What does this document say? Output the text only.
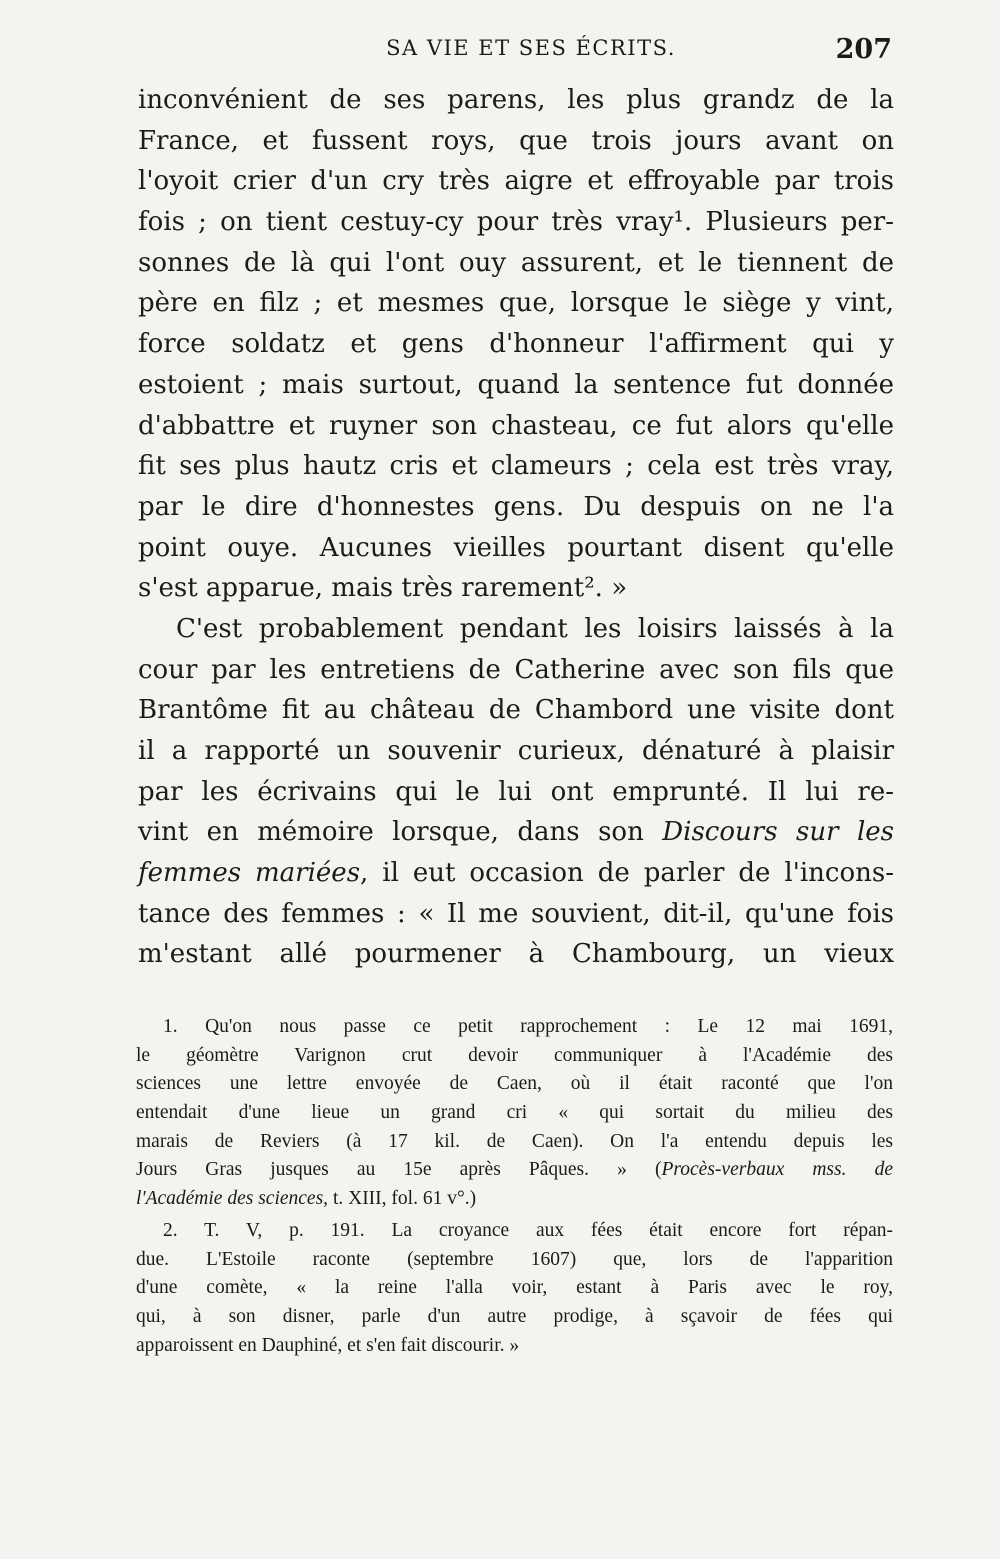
SA VIE ET SES ÉCRITS.	207
inconvénient de ses parens, les plus grandz de la
France, et fussent roys, que trois jours avant on
l'oyoit crier d'un cry très aigre et effroyable par trois
fois ; on tient cestuy-cy pour très vray¹. Plusieurs per-
sonnes de là qui l'ont ouy assurent, et le tiennent de
père en filz ; et mesmes que, lorsque le siège y vint,
force soldatz et gens d'honneur l'affirment qui y
estoient ; mais surtout, quand la sentence fut donnée
d'abbattre et ruyner son chasteau, ce fut alors qu'elle
fit ses plus hautz cris et clameurs ; cela est très vray,
par le dire d'honnestes gens. Du despuis on ne l'a
point ouye. Aucunes vieilles pourtant disent qu'elle
s'est apparue, mais très rarement². »
C'est probablement pendant les loisirs laissés à la
cour par les entretiens de Catherine avec son fils que
Brantôme fit au château de Chambord une visite dont
il a rapporté un souvenir curieux, dénaturé à plaisir
par les écrivains qui le lui ont emprunté. Il lui re-
vint en mémoire lorsque, dans son Discours sur les
femmes mariées, il eut occasion de parler de l'incons-
tance des femmes : « Il me souvient, dit-il, qu'une fois
m'estant allé pourmener à Chambourg, un vieux
1. Qu'on nous passe ce petit rapprochement : Le 12 mai 1691,
le géomètre Varignon crut devoir communiquer à l'Académie des
sciences une lettre envoyée de Caen, où il était raconté que l'on
entendait d'une lieue un grand cri « qui sortait du milieu des
marais de Reviers (à 17 kil. de Caen). On l'a entendu depuis les
Jours Gras jusques au 15e après Pâques. » (Procès-verbaux mss. de
l'Académie des sciences, t. XIII, fol. 61 v°.)
2. T. V, p. 191. La croyance aux fées était encore fort répan-
due. L'Estoile raconte (septembre 1607) que, lors de l'apparition
d'une comète, « la reine l'alla voir, estant à Paris avec le roy,
qui, à son disner, parle d'un autre prodige, à sçavoir de fées qui
apparoissent en Dauphiné, et s'en fait discourir. »
